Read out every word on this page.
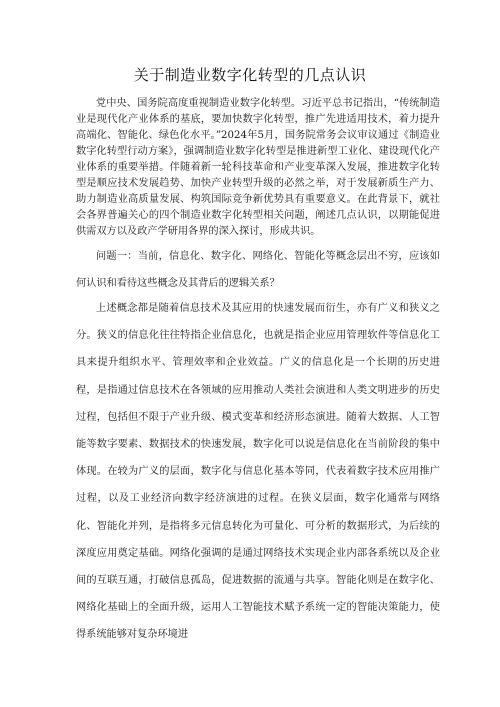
关于制造业数字化转型的几点认识

党中央、国务院高度重视制造业数字化转型。习近平总书记指出，“传统制造业是现代化产业体系的基底，要加快数字化转型，推广先进适用技术，着力提升高端化、智能化、绿色化水平。”2024年5月，国务院常务会议审议通过《制造业数字化转型行动方案》，强调制造业数字化转型是推进新型工业化、建设现代化产业体系的重要举措。伴随着新一轮科技革命和产业变革深入发展，推进数字化转型是顺应技术发展趋势、加快产业转型升级的必然之举，对于发展新质生产力、助力制造业高质量发展、构筑国际竞争新优势具有重要意义。在此背景下，就社会各界普遍关心的四个制造业数字化转型相关问题，阐述几点认识，以期能促进供需双方以及政产学研用各界的深入探讨，形成共识。

问题一：当前，信息化、数字化、网络化、智能化等概念层出不穷，应该如何认识和看待这些概念及其背后的逻辑关系？

上述概念都是随着信息技术及其应用的快速发展而衍生，亦有广义和狭义之分。狭义的信息化往往特指企业信息化，也就是指企业应用管理软件等信息化工具来提升组织水平、管理效率和企业效益。广义的信息化是一个长期的历史进程，是指通过信息技术在各领域的应用推动人类社会演进和人类文明进步的历史过程，包括但不限于产业升级、模式变革和经济形态演进。随着大数据、人工智能等数字要素、数据技术的快速发展，数字化可以说是信息化在当前阶段的集中体现。在较为广义的层面，数字化与信息化基本等同，代表着数字技术应用推广过程，以及工业经济向数字经济演进的过程。在狭义层面，数字化通常与网络化、智能化并列，是指将多元信息转化为可量化、可分析的数据形式，为后续的深度应用奠定基础。网络化强调的是通过网络技术实现企业内部各系统以及企业间的互联互通，打破信息孤岛，促进数据的流通与共享。智能化则是在数字化、网络化基础上的全面升级，运用人工智能技术赋予系统一定的智能决策能力，使得系统能够对复杂环境进
